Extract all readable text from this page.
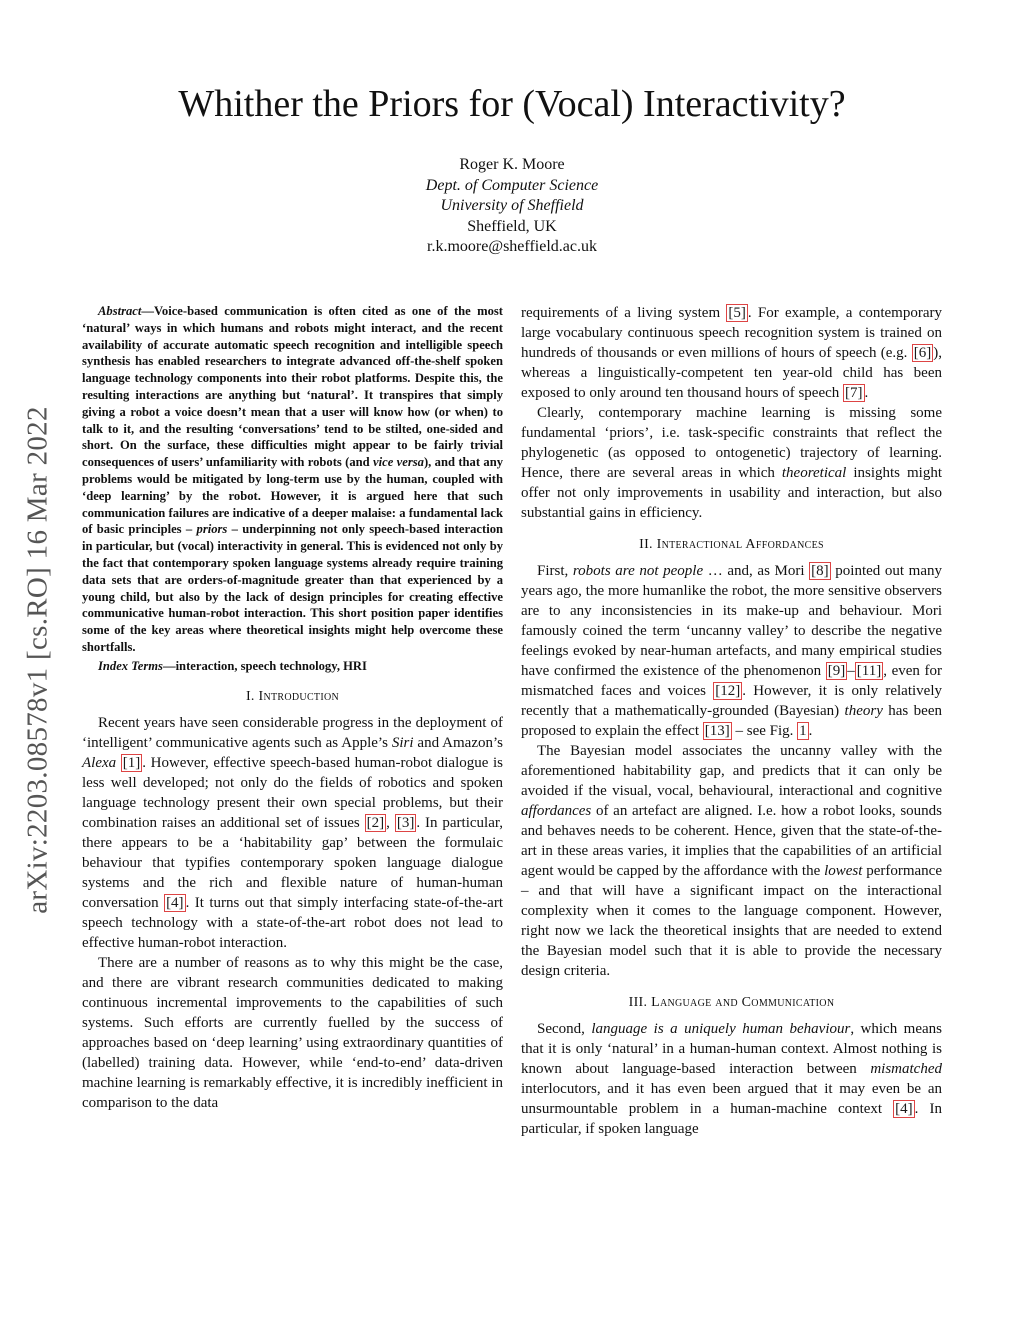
arXiv:2203.08578v1 [cs.RO] 16 Mar 2022
Whither the Priors for (Vocal) Interactivity?
Roger K. Moore
Dept. of Computer Science
University of Sheffield
Sheffield, UK
r.k.moore@sheffield.ac.uk

Abstract—Voice-based communication is often cited as one of the most ‘natural’ ways in which humans and robots might interact, and the recent availability of accurate automatic speech recognition and intelligible speech synthesis has enabled researchers to integrate advanced off-the-shelf spoken language technology components into their robot platforms. Despite this, the resulting interactions are anything but ‘natural’. It transpires that simply giving a robot a voice doesn’t mean that a user will know how (or when) to talk to it, and the resulting ‘conversations’ tend to be stilted, one-sided and short. On the surface, these difficulties might appear to be fairly trivial consequences of users’ unfamiliarity with robots (and vice versa), and that any problems would be mitigated by long-term use by the human, coupled with ‘deep learning’ by the robot. However, it is argued here that such communication failures are indicative of a deeper malaise: a fundamental lack of basic principles – priors – underpinning not only speech-based interaction in particular, but (vocal) interactivity in general. This is evidenced not only by the fact that contemporary spoken language systems already require training data sets that are orders-of-magnitude greater than that experienced by a young child, but also by the lack of design principles for creating effective communicative human-robot interaction. This short position paper identifies some of the key areas where theoretical insights might help overcome these shortfalls.

Index Terms—interaction, speech technology, HRI

I. Introduction

Recent years have seen considerable progress in the deployment of ‘intelligent’ communicative agents such as Apple’s Siri and Amazon’s Alexa [1] . However, effective speech-based human-robot dialogue is less well developed; not only do the fields of robotics and spoken language technology present their own special problems, but their combination raises an additional set of issues [2] , [3] . In particular, there appears to be a ‘habitability gap’ between the formulaic behaviour that typifies contemporary spoken language dialogue systems and the rich and flexible nature of human-human conversation [4] . It turns out that simply interfacing state-of-the-art speech technology with a state-of-the-art robot does not lead to effective human-robot interaction.

There are a number of reasons as to why this might be the case, and there are vibrant research communities dedicated to making continuous incremental improvements to the capabilities of such systems. Such efforts are currently fuelled by the success of approaches based on ‘deep learning’ using extraordinary quantities of (labelled) training data. However, while ‘end-to-end’ data-driven machine learning is remarkably effective, it is incredibly inefficient in comparison to the data

requirements of a living system [5] . For example, a contemporary large vocabulary continuous speech recognition system is trained on hundreds of thousands or even millions of hours of speech (e.g. [6] ), whereas a linguistically-competent ten year-old child has been exposed to only around ten thousand hours of speech [7] .

Clearly, contemporary machine learning is missing some fundamental ‘priors’, i.e. task-specific constraints that reflect the phylogenetic (as opposed to ontogenetic) trajectory of learning. Hence, there are several areas in which theoretical insights might offer not only improvements in usability and interaction, but also substantial gains in efficiency.

II. Interactional Affordances

First, robots are not people … and, as Mori [8] pointed out many years ago, the more humanlike the robot, the more sensitive observers are to any inconsistencies in its make-up and behaviour. Mori famously coined the term ‘uncanny valley’ to describe the negative feelings evoked by near-human artefacts, and many empirical studies have confirmed the existence of the phenomenon [9] – [11] , even for mismatched faces and voices [12] . However, it is only relatively recently that a mathematically-grounded (Bayesian) theory has been proposed to explain the effect [13] – see Fig. 1 .

The Bayesian model associates the uncanny valley with the aforementioned habitability gap, and predicts that it can only be avoided if the visual, vocal, behavioural, interactional and cognitive affordances of an artefact are aligned. I.e. how a robot looks, sounds and behaves needs to be coherent. Hence, given that the state-of-the-art in these areas varies, it implies that the capabilities of an artificial agent would be capped by the affordance with the lowest performance – and that will have a significant impact on the interactional complexity when it comes to the language component. However, right now we lack the theoretical insights that are needed to extend the Bayesian model such that it is able to provide the necessary design criteria.

III. Language and Communication

Second, language is a uniquely human behaviour, which means that it is only ‘natural’ in a human-human context. Almost nothing is known about language-based interaction between mismatched interlocutors, and it has even been argued that it may even be an unsurmountable problem in a human-machine context [4] . In particular, if spoken language
